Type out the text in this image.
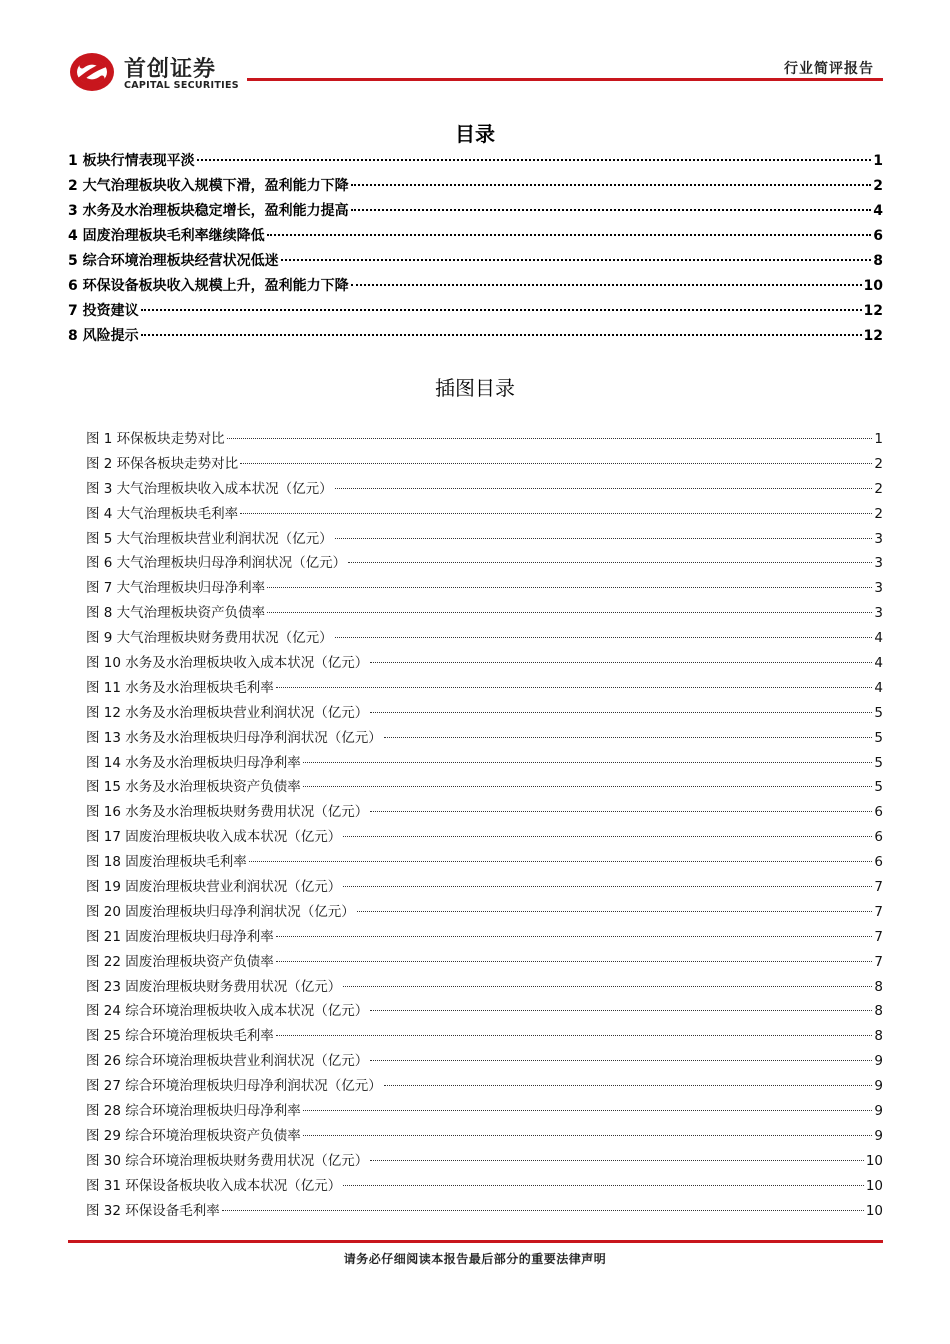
首创证券
CAPITAL SECURITIES
行业简评报告
目录
1 板块行情表现平淡	1
2 大气治理板块收入规模下滑，盈利能力下降	2
3 水务及水治理板块稳定增长，盈利能力提高	4
4 固废治理板块毛利率继续降低	6
5 综合环境治理板块经营状况低迷	8
6 环保设备板块收入规模上升，盈利能力下降	10
7 投资建议	12
8 风险提示	12
插图目录
图 1 环保板块走势对比	1
图 2 环保各板块走势对比	2
图 3 大气治理板块收入成本状况（亿元）	2
图 4 大气治理板块毛利率	2
图 5 大气治理板块营业利润状况（亿元）	3
图 6 大气治理板块归母净利润状况（亿元）	3
图 7 大气治理板块归母净利率	3
图 8 大气治理板块资产负债率	3
图 9 大气治理板块财务费用状况（亿元）	4
图 10 水务及水治理板块收入成本状况（亿元）	4
图 11 水务及水治理板块毛利率	4
图 12 水务及水治理板块营业利润状况（亿元）	5
图 13 水务及水治理板块归母净利润状况（亿元）	5
图 14 水务及水治理板块归母净利率	5
图 15 水务及水治理板块资产负债率	5
图 16 水务及水治理板块财务费用状况（亿元）	6
图 17 固废治理板块收入成本状况（亿元）	6
图 18 固废治理板块毛利率	6
图 19 固废治理板块营业利润状况（亿元）	7
图 20 固废治理板块归母净利润状况（亿元）	7
图 21 固废治理板块归母净利率	7
图 22 固废治理板块资产负债率	7
图 23 固废治理板块财务费用状况（亿元）	8
图 24 综合环境治理板块收入成本状况（亿元）	8
图 25 综合环境治理板块毛利率	8
图 26 综合环境治理板块营业利润状况（亿元）	9
图 27 综合环境治理板块归母净利润状况（亿元）	9
图 28 综合环境治理板块归母净利率	9
图 29 综合环境治理板块资产负债率	9
图 30 综合环境治理板块财务费用状况（亿元）	10
图 31 环保设备板块收入成本状况（亿元）	10
图 32 环保设备毛利率	10
请务必仔细阅读本报告最后部分的重要法律声明
